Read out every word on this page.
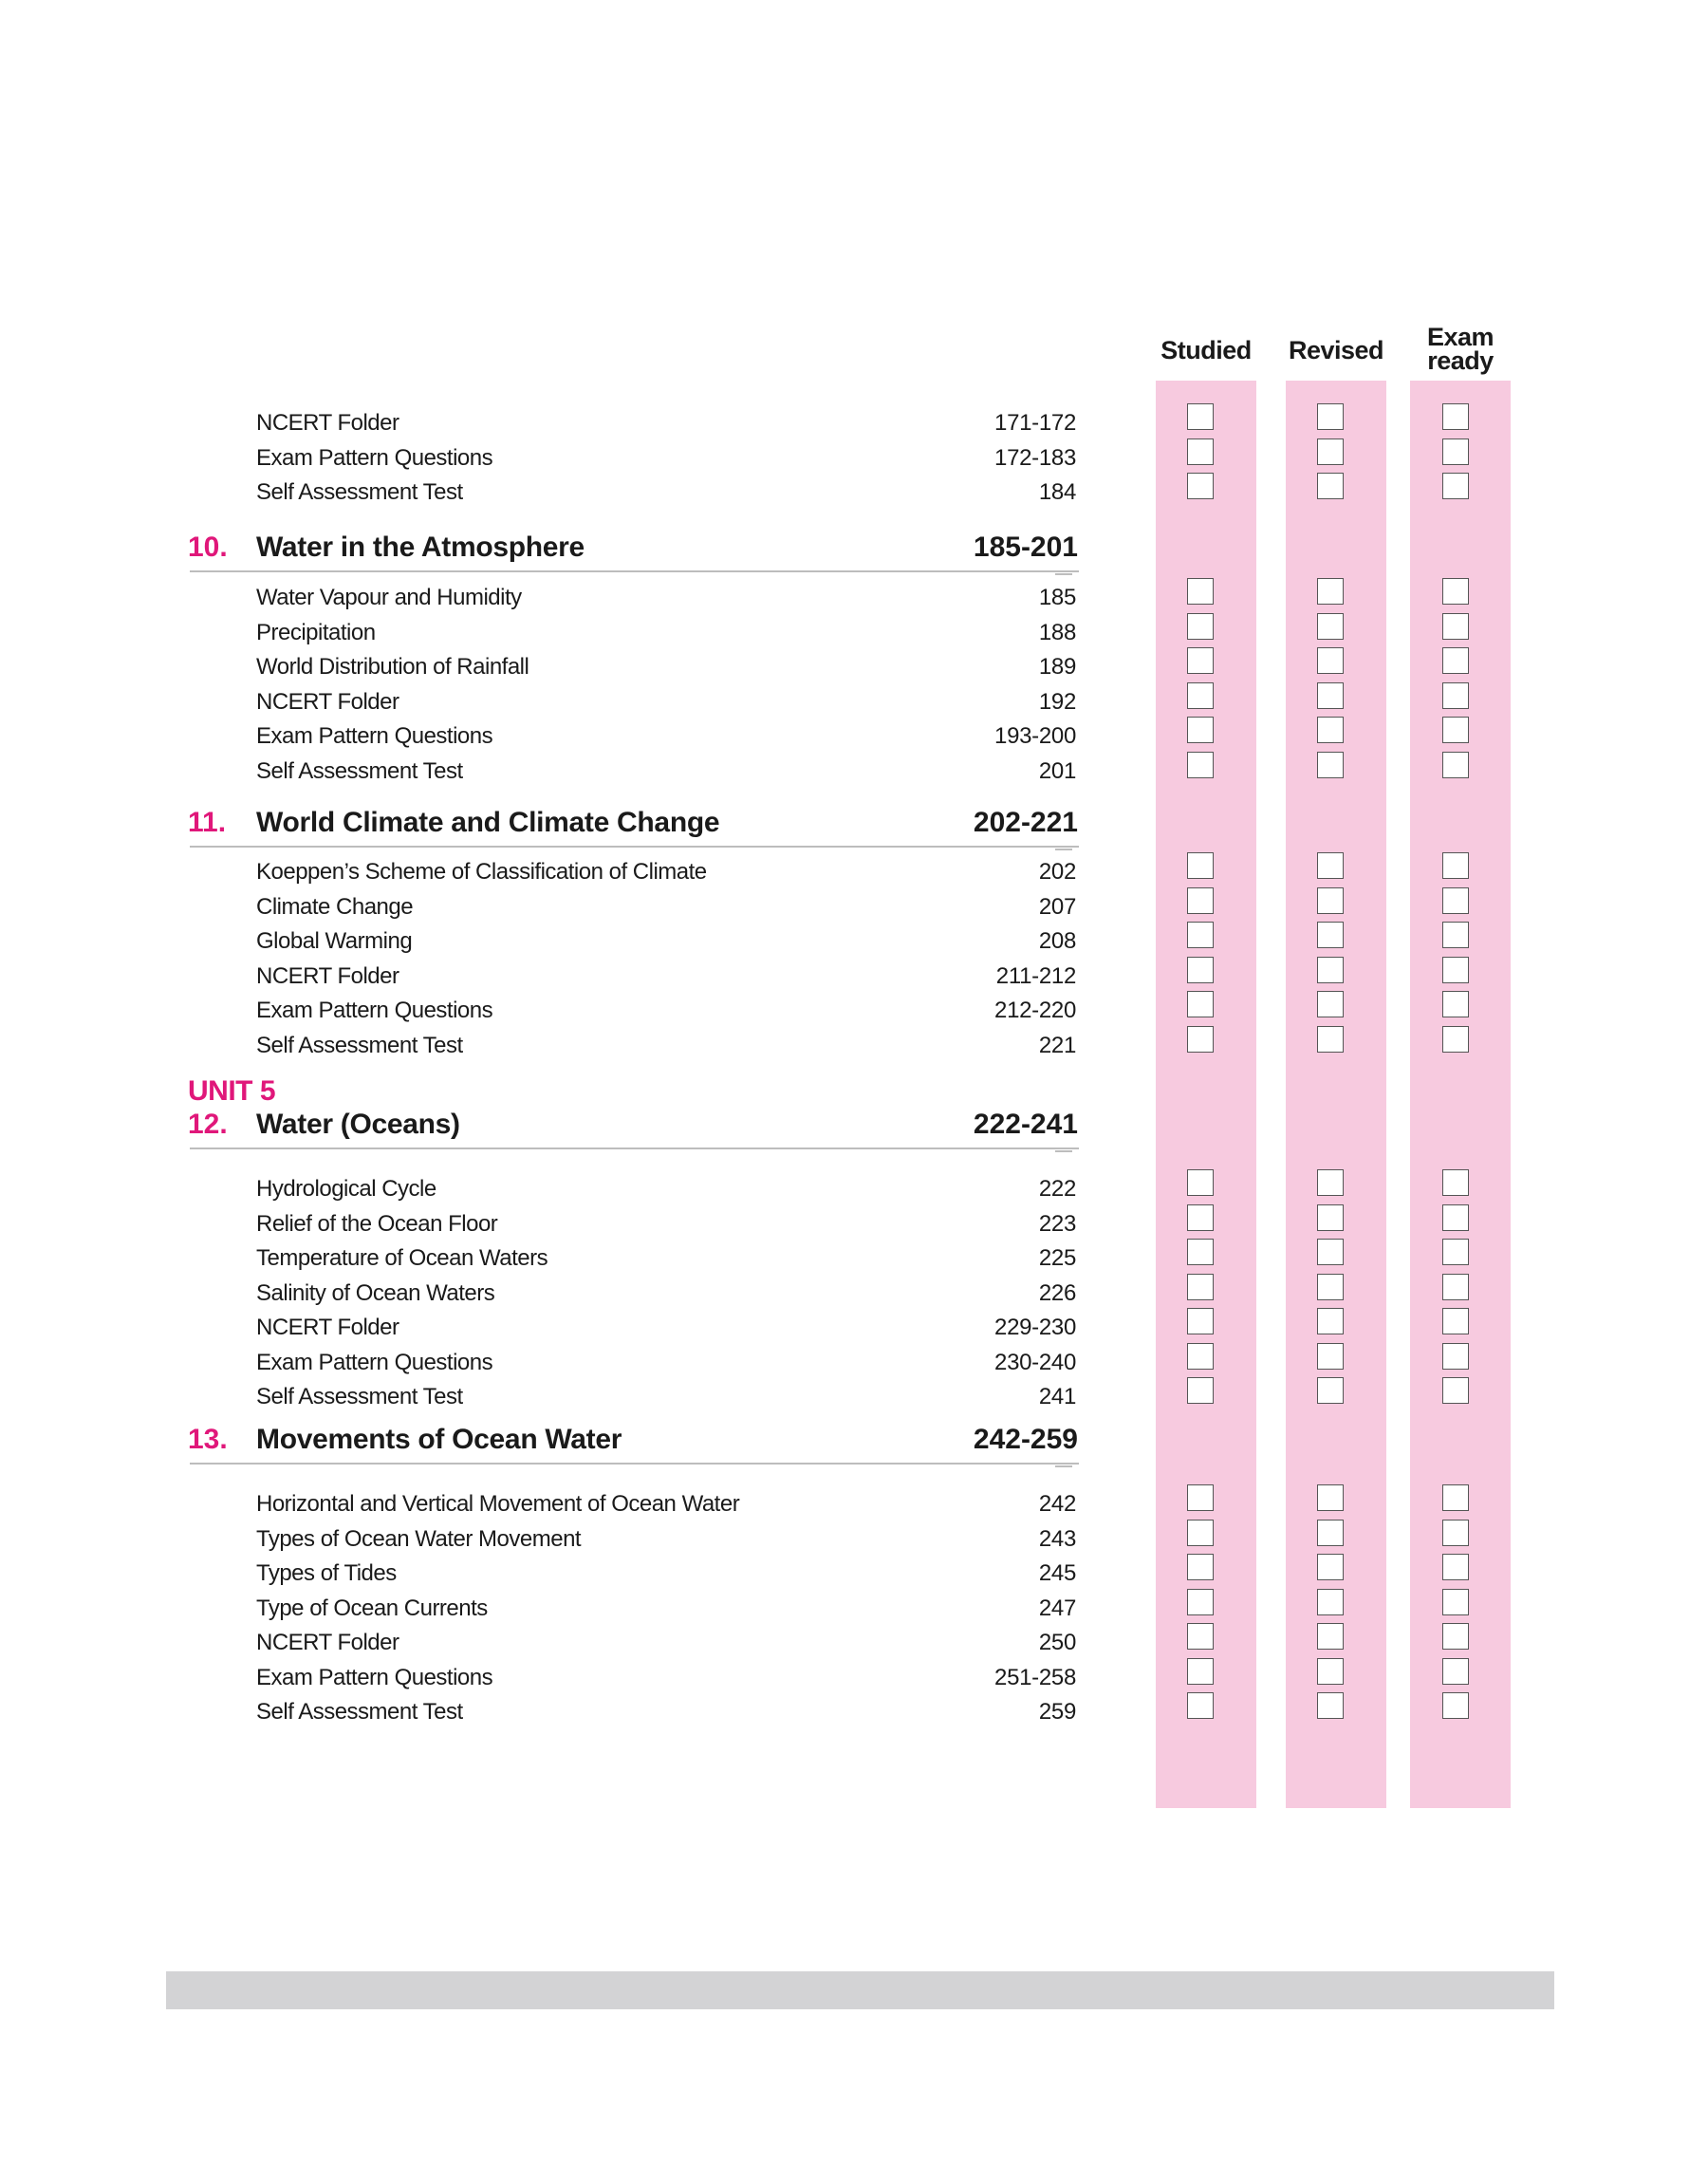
Studied	Revised	Exam ready
NCERT Folder	171-172
Exam Pattern Questions	172-183
Self Assessment Test	184
10. Water in the Atmosphere	185-201
Water Vapour and Humidity	185
Precipitation	188
World Distribution of Rainfall	189
NCERT Folder	192
Exam Pattern Questions	193-200
Self Assessment Test	201
11. World Climate and Climate Change	202-221
Koeppen’s Scheme of Classification of Climate	202
Climate Change	207
Global Warming	208
NCERT Folder	211-212
Exam Pattern Questions	212-220
Self Assessment Test	221
UNIT 5
12. Water (Oceans)	222-241
Hydrological Cycle	222
Relief of the Ocean Floor	223
Temperature of Ocean Waters	225
Salinity of Ocean Waters	226
NCERT Folder	229-230
Exam Pattern Questions	230-240
Self Assessment Test	241
13. Movements of Ocean Water	242-259
Horizontal and Vertical Movement of Ocean Water	242
Types of Ocean Water Movement	243
Types of Tides	245
Type of Ocean Currents	247
NCERT Folder	250
Exam Pattern Questions	251-258
Self Assessment Test	259
